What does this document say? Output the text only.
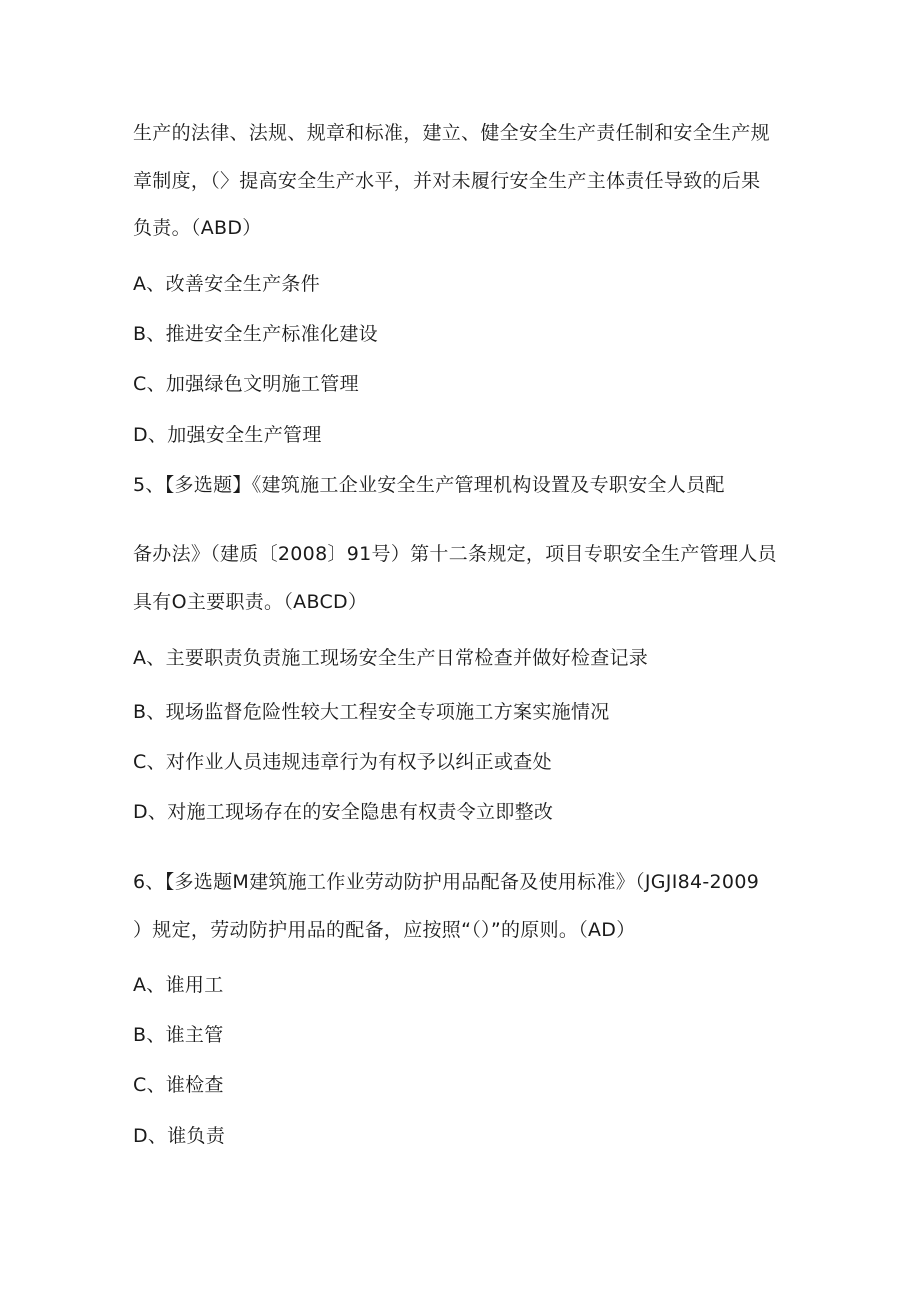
生产的法律、法规、规章和标准，建立、健全安全生产责任制和安全生产规
章制度，（〉提高安全生产水平，并对未履行安全生产主体责任导致的后果
负责。（ABD）
A、改善安全生产条件
B、推进安全生产标准化建设
C、加强绿色文明施工管理
D、加强安全生产管理
5、【多选题】《建筑施工企业安全生产管理机构设置及专职安全人员配
备办法》（建质〔2008〕91号）第十二条规定，项目专职安全生产管理人员
具有O主要职责。（ABCD）
A、主要职责负责施工现场安全生产日常检查并做好检查记录
B、现场监督危险性较大工程安全专项施工方案实施情况
C、对作业人员违规违章行为有权予以纠正或查处
D、对施工现场存在的安全隐患有权责令立即整改
6、【多选题M建筑施工作业劳动防护用品配备及使用标准》（JGJI84-2009
）规定，劳动防护用品的配备，应按照“（）”的原则。（AD）
A、谁用工
B、谁主管
C、谁检查
D、谁负责
